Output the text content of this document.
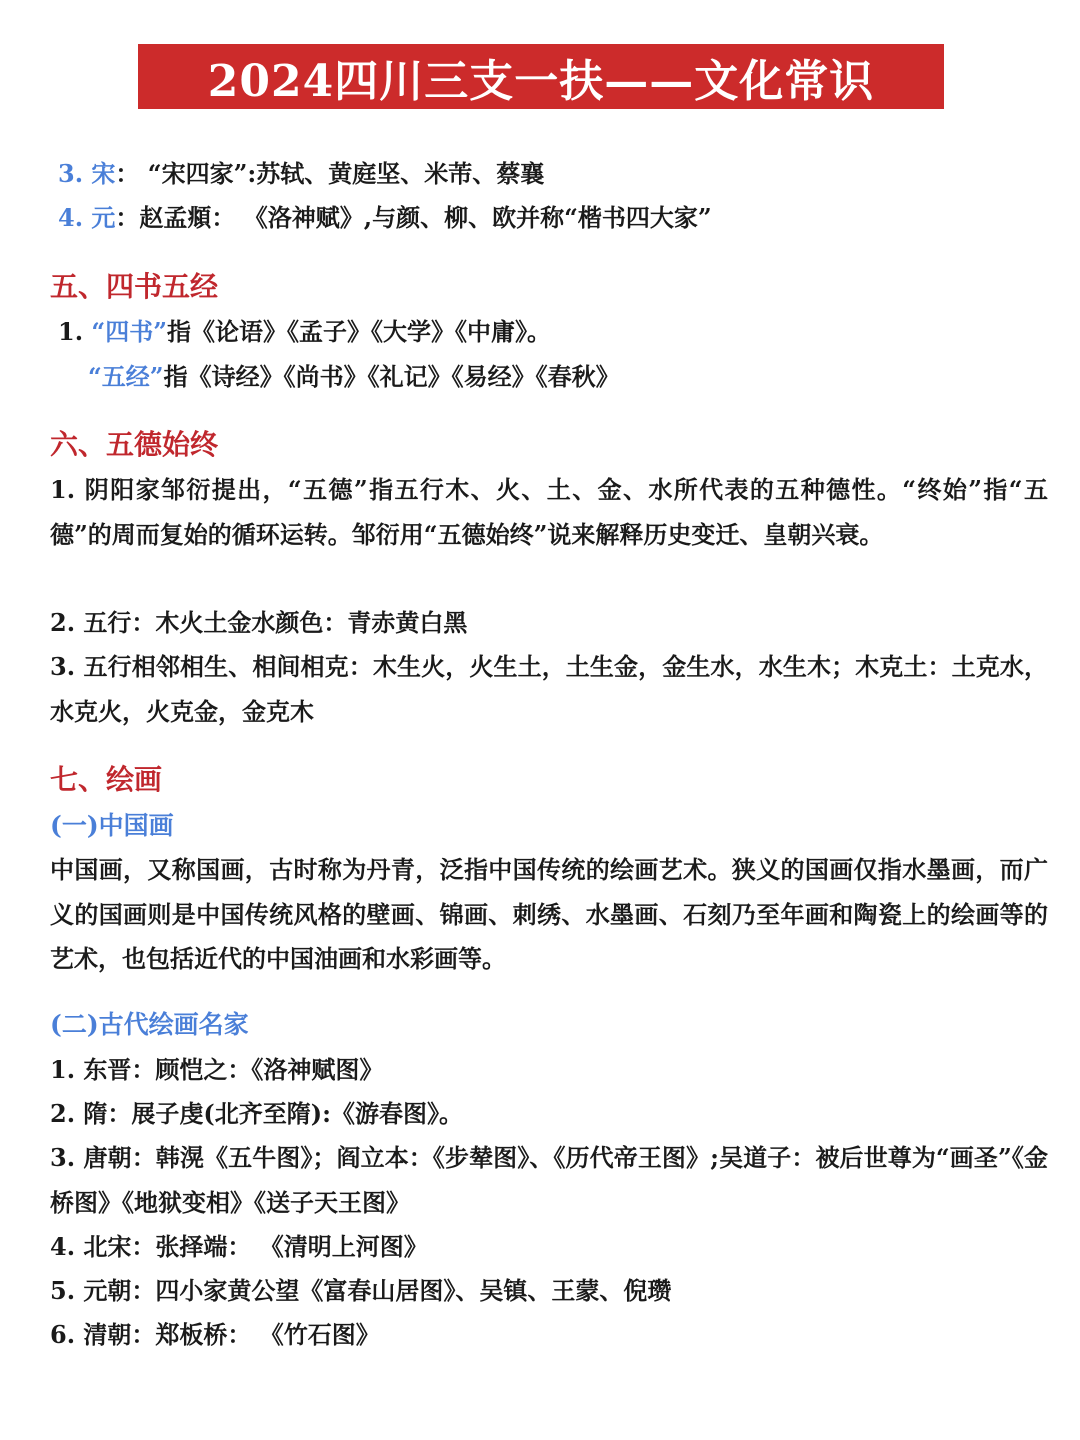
2024四川三支一扶——文化常识
3. 宋： “宋四家”:苏轼、黄庭坚、米芾、蔡襄
4. 元：赵孟頫： 《洛神赋》,与颜、柳、欧并称“楷书四大家”
五、四书五经
1. “四书”指《论语》《孟子》《大学》《中庸》。
“五经”指《诗经》《尚书》《礼记》《易经》《春秋》
六、五德始终
1. 阴阳家邹衍提出，“五德”指五行木、火、土、金、水所代表的五种德性。“终始”指“五德”的周而复始的循环运转。邹衍用“五德始终”说来解释历史变迁、皇朝兴衰。
2. 五行：木火土金水颜色：青赤黄白黑
3. 五行相邻相生、相间相克：木生火，火生土，土生金，金生水，水生木；木克土：土克水，水克火，火克金，金克木
七、绘画
(一)中国画
中国画，又称国画，古时称为丹青，泛指中国传统的绘画艺术。狭义的国画仅指水墨画，而广义的国画则是中国传统风格的壁画、锦画、刺绣、水墨画、石刻乃至年画和陶瓷上的绘画等的艺术，也包括近代的中国油画和水彩画等。
(二)古代绘画名家
1. 东晋：顾恺之：《洛神赋图》
2. 隋：展子虔(北齐至隋):《游春图》。
3. 唐朝：韩滉《五牛图》；阎立本：《步辇图》、《历代帝王图》;吴道子：被后世尊为“画圣”《金桥图》《地狱变相》《送子天王图》
4. 北宋：张择端： 《清明上河图》
5. 元朝：四小家黄公望《富春山居图》、吴镇、王蒙、倪瓒
6. 清朝：郑板桥： 《竹石图》
